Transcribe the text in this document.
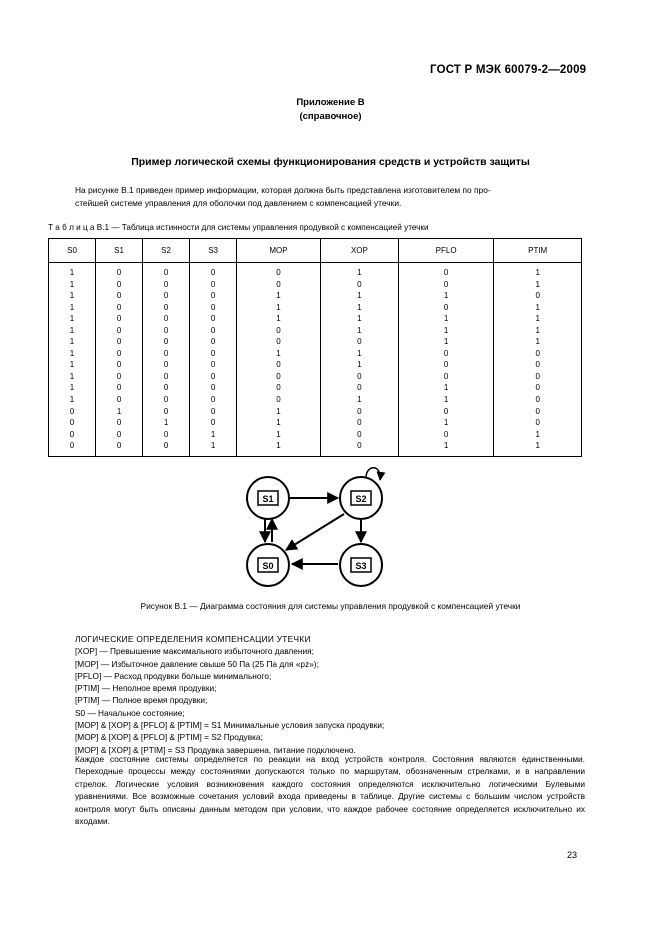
ГОСТ Р МЭК 60079-2—2009
Приложение В
(справочное)
Пример логической схемы функционирования средств и устройств защиты
На рисунке В.1 приведен пример информации, которая должна быть представлена изготовителем по про-
стейшей системе управления для оболочки под давлением с компенсацией утечки.
Т а б л и ц а В.1 — Таблица истинности для системы управления продувкой с компенсацией утечки
S0	S1	S2	S3	MOP	XOP	PFLO	PTIM
1	0	0	0	0	1	0	1
1	0	0	0	0	0	0	1
1	0	0	0	1	1	1	0
1	0	0	0	1	1	0	1
1	0	0	0	1	1	1	1
1	0	0	0	0	1	1	1
1	0	0	0	0	0	1	1
1	0	0	0	1	1	0	0
1	0	0	0	0	1	0	0
1	0	0	0	0	0	0	0
1	0	0	0	0	0	1	0
1	0	0	0	0	1	1	0
0	1	0	0	1	0	0	0
0	0	1	0	1	0	1	0
0	0	0	1	1	0	0	1
0	0	0	1	1	0	1	1
S1	S2
S0	S3
Рисунок В.1 — Диаграмма состояния для системы управления продувкой с компенсацией утечки
ЛОГИЧЕСКИЕ ОПРЕДЕЛЕНИЯ КОМПЕНСАЦИИ УТЕЧКИ
[XOP] — Превышение максимального избыточного давления;
[MOP] — Избыточное давление свыше 50 Па (25 Па для «pz»);
[PFLO] — Расход продувки больше минимального;
[PTIM] — Неполное время продувки;
[PTIM] — Полное время продувки;
S0 — Начальное состояние;
[MOP] & [XOP] & [PFLO] & [PTIM] = S1 Минимальные условия запуска продувки;
[MOP] & [XOP] & [PFLO] & [PTIM] = S2 Продувка;
[MOP] & [XOP] & [PTIM] = S3 Продувка завершена, питание подключено.
Каждое состояние системы определяется по реакции на вход устройств контроля. Состояния являются единственными. Переходные процессы между состояниями допускаются только по маршрутам, обозначенным стрелками, и в направлении стрелок. Логические условия возникновения каждого состояния определяются исключительно логическими Булевыми уравнениями. Все возможные сочетания условий входа приведены в таблице. Другие системы с большим числом устройств контроля могут быть описаны данным методом при условии, что каждое рабочее состояние определяется исключительно их входами.
23
